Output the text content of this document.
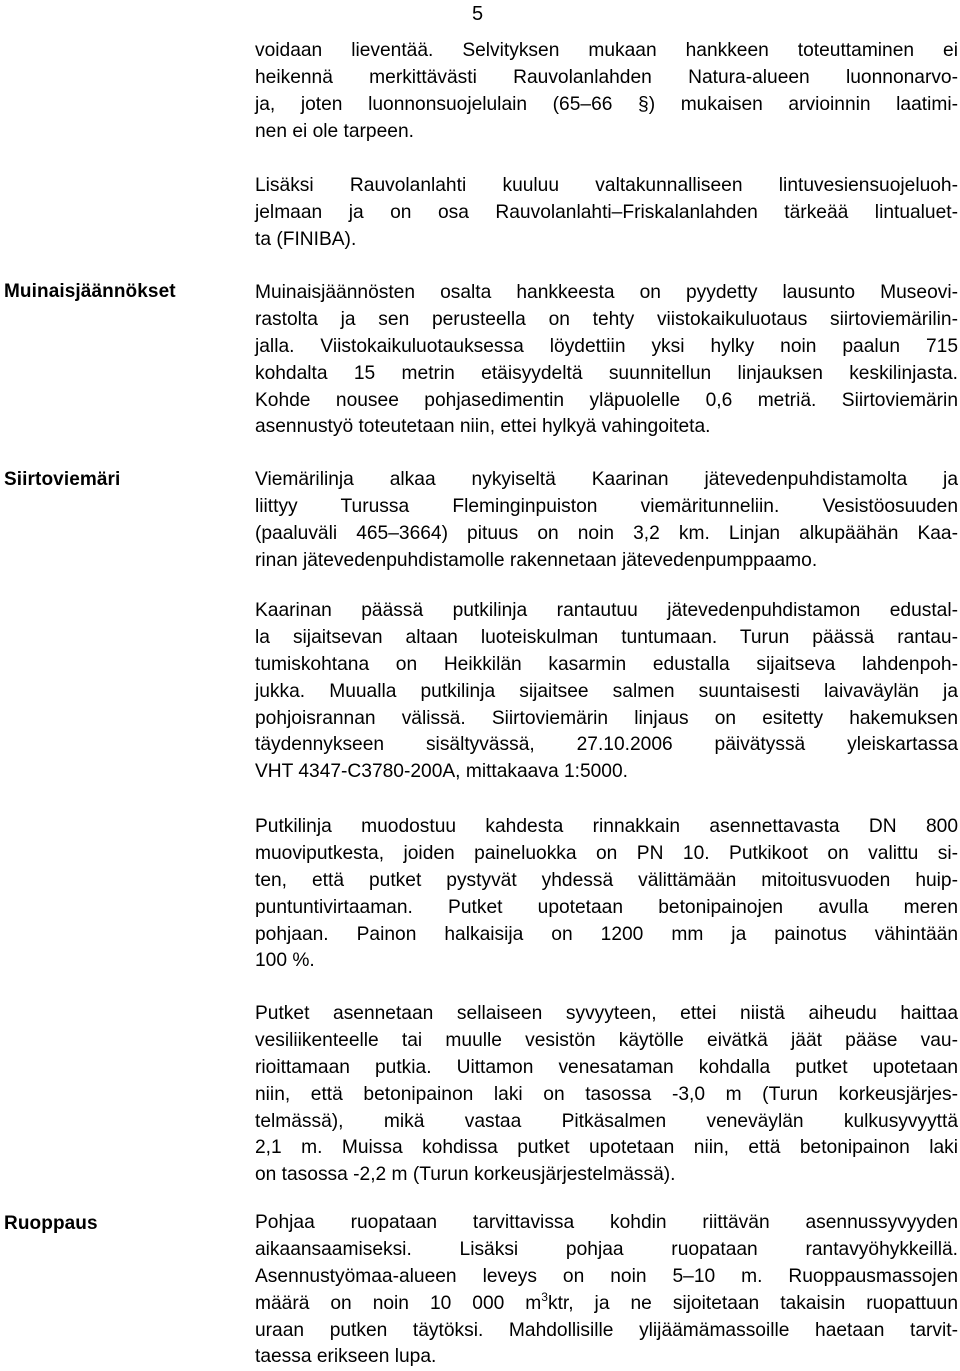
5
voidaan lieventää. Selvityksen mukaan hankkeen toteuttaminen ei
heikennä merkittävästi Rauvolanlahden Natura-alueen luonnonarvo-
ja, joten luonnonsuojelulain (65–66 §) mukaisen arvioinnin laatimi-
nen ei ole tarpeen.
Lisäksi Rauvolanlahti kuuluu valtakunnalliseen lintuvesiensuojeluoh-
jelmaan ja on osa Rauvolanlahti–Friskalanlahden tärkeää lintualuet-
ta (FINIBA).
Muinaisjäännökset	Muinaisjäännösten osalta hankkeesta on pyydetty lausunto Museovi-
rastolta ja sen perusteella on tehty viistokaikuluotaus siirtoviemärilin-
jalla. Viistokaikuluotauksessa löydettiin yksi hylky noin paalun 715
kohdalta 15 metrin etäisyydeltä suunnitellun linjauksen keskilinjasta.
Kohde nousee pohjasedimentin yläpuolelle 0,6 metriä. Siirtoviemärin
asennustyö toteutetaan niin, ettei hylkyä vahingoiteta.
Siirtoviemäri	Viemärilinja alkaa nykyiseltä Kaarinan jätevedenpuhdistamolta ja
liittyy Turussa Fleminginpuiston viemäritunneliin. Vesistöosuuden
(paaluväli 465–3664) pituus on noin 3,2 km. Linjan alkupäähän Kaa-
rinan jätevedenpuhdistamolle rakennetaan jätevedenpumppaamo.
Kaarinan päässä putkilinja rantautuu jätevedenpuhdistamon edustal-
la sijaitsevan altaan luoteiskulman tuntumaan. Turun päässä rantau-
tumiskohtana on Heikkilän kasarmin edustalla sijaitseva lahdenpoh-
jukka. Muualla putkilinja sijaitsee salmen suuntaisesti laivaväylän ja
pohjoisrannan välissä. Siirtoviemärin linjaus on esitetty hakemuksen
täydennykseen sisältyvässä, 27.10.2006 päivätyssä yleiskartassa
VHT 4347-C3780-200A, mittakaava 1:5000.
Putkilinja muodostuu kahdesta rinnakkain asennettavasta DN 800
muoviputkesta, joiden paineluokka on PN 10. Putkikoot on valittu si-
ten, että putket pystyvät yhdessä välittämään mitoitusvuoden huip-
puntuntivirtaaman. Putket upotetaan betonipainojen avulla meren
pohjaan. Painon halkaisija on 1200 mm ja painotus vähintään
100 %.
Putket asennetaan sellaiseen syvyyteen, ettei niistä aiheudu haittaa
vesiliikenteelle tai muulle vesistön käytölle eivätkä jäät pääse vau-
rioittamaan putkia. Uittamon venesataman kohdalla putket upotetaan
niin, että betonipainon laki on tasossa -3,0 m (Turun korkeusjärjes-
telmässä), mikä vastaa Pitkäsalmen veneväylän kulkusyvyyttä
2,1 m. Muissa kohdissa putket upotetaan niin, että betonipainon laki
on tasossa -2,2 m (Turun korkeusjärjestelmässä).
Ruoppaus	Pohjaa ruopataan tarvittavissa kohdin riittävän asennussyvyyden
aikaansaamiseksi. Lisäksi pohjaa ruopataan rantavyöhykkeillä.
Asennustyömaa-alueen leveys on noin 5–10 m. Ruoppausmassojen
määrä on noin 10 000 $m^3ktr$, ja ne sijoitetaan takaisin ruopattuun
uraan putken täytöksi. Mahdollisille ylijäämämassoille haetaan tarvit-
taessa erikseen lupa.
